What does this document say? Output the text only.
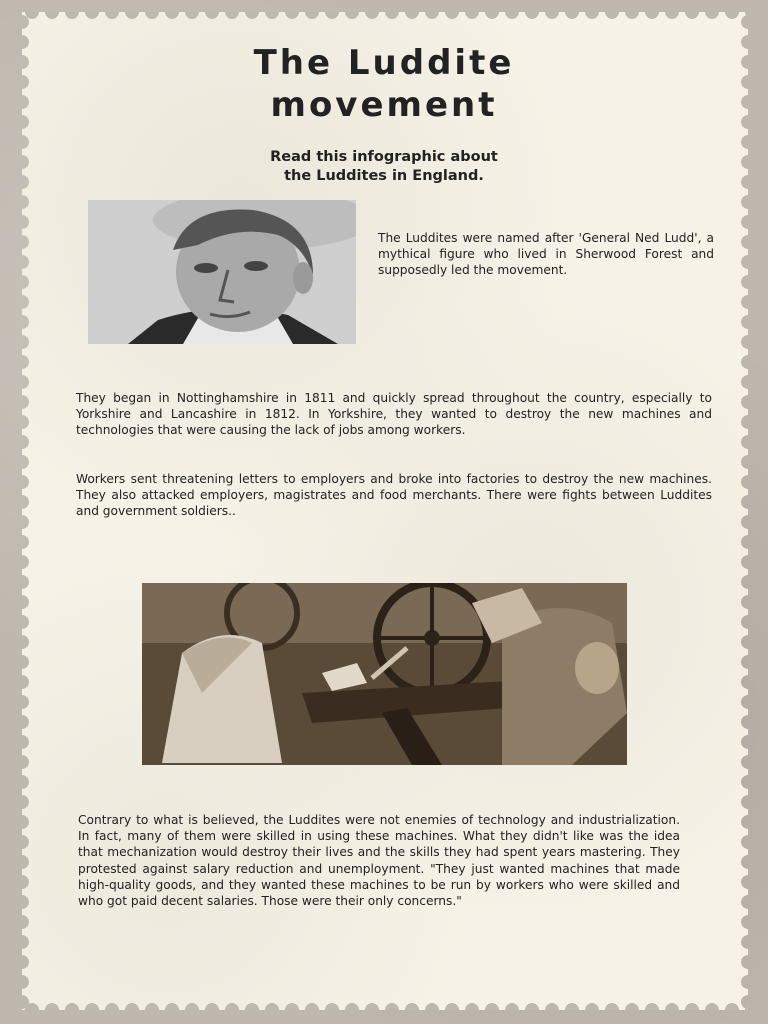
The Luddite
movement
Read this infographic about
the Luddites in England.

The Luddites were named after 'General Ned Ludd', a mythical figure who lived in Sherwood Forest and supposedly led the movement.

They began in Nottinghamshire in 1811 and quickly spread throughout the country, especially to Yorkshire and Lancashire in 1812. In Yorkshire, they wanted to destroy the new machines and technologies that were causing the lack of jobs among workers.

Workers sent threatening letters to employers and broke into factories to destroy the new machines. They also attacked employers, magistrates and food merchants. There were fights between Luddites and government soldiers..

Contrary to what is believed, the Luddites were not enemies of technology and industrialization. In fact, many of them were skilled in using these machines. What they didn't like was the idea that mechanization would destroy their lives and the skills they had spent years mastering. They protested against salary reduction and unemployment. "They just wanted machines that made high-quality goods, and they wanted these machines to be run by workers who were skilled and who got paid decent salaries. Those were their only concerns."
